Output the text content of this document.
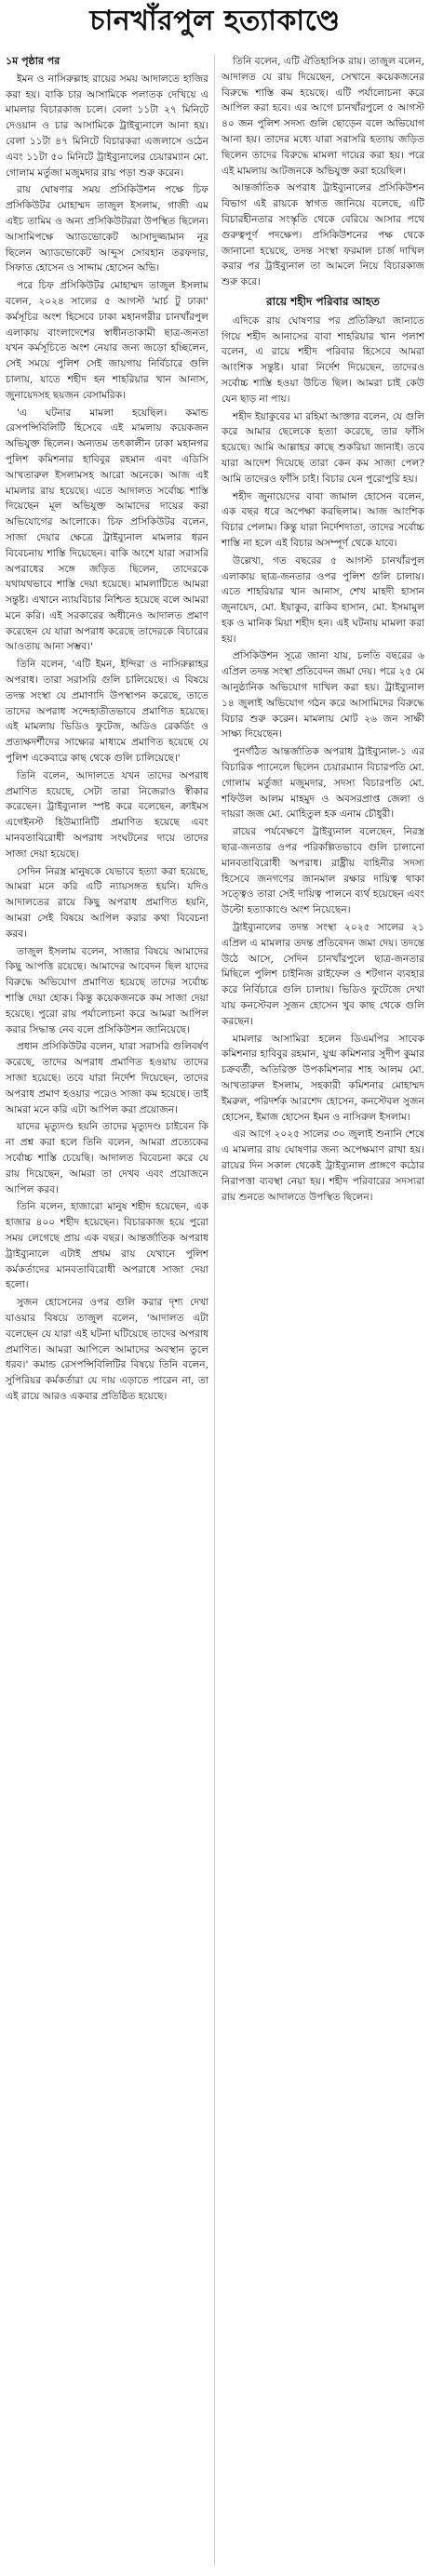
চানখাঁরপুল হত্যাকাণ্ডে
১ম পৃষ্ঠার পর

ইমন ও নাসিরুল্লাহ রায়ের সময় আদালতে হাজির করা হয়। বাকি চার আসামিকে পলাতক দেখিয়ে এ মামলার বিচারকাজ চলে। বেলা ১১টা ২৭ মিনিটে দেওয়ান ও চার আসামিকে ট্রাইব্যুনালে আনা হয়। বেলা ১১টা ৪৭ মিনিটে বিচারকরা এজলাসে ওঠেন এবং ১১টা ৫০ মিনিটে ট্রাইব্যুনালের চেয়ারম্যান মো. গোলাম মর্তুজা মজুমদার রায় পড়া শুরু করেন।

রায় ঘোষণার সময় প্রসিকিউশন পক্ষে চিফ প্রসিকিউটর মোহাম্মদ তাজুল ইসলাম, গাজী এম এইচ তামিম ও অন্য প্রসিকিউটররা উপস্থিত ছিলেন। আসামিপক্ষে অ্যাডভোকেট আসাদুজ্জামান নূর ছিলেন অ্যাডভোকেট আব্দুস সোবহান তরফদার, সিফাত হোসেন ও সাদ্দাম হোসেন অভি।

পরে চিফ প্রসিকিউটর মোহাম্মদ তাজুল ইসলাম বলেন, ২০২৪ সালের ৫ আগস্ট 'মার্চ টু ঢাকা' কর্মসূচির অংশ হিসেবে ঢাকা মহানগরীর চানখাঁরপুল এলাকায় বাংলাদেশের স্বাধীনতাকামী ছাত্র-জনতা যখন কর্মসূচিতে অংশ নেয়ার জন্য জড়ো হচ্ছিলেন, সেই সময়ে পুলিশ সেই জায়গায় নির্বিচারে গুলি চালায়, যাতে শহীদ হন শাহরিয়ার খান আনাস, জুনায়েদসহ ছয়জন বেসামরিক।

'এ ঘটনার মামলা হয়েছিল। কমান্ড রেসপন্সিবিলিটি হিসেবে এই মামলায় কয়েকজন অভিযুক্ত ছিলেন। অন্যতম তৎকালীন ঢাকা মহানগর পুলিশ কমিশনার হাবিবুর রহমান এবং এডিসি আখতারুল ইসলামসহ আরো অনেকে। আজ এই মামলার রায় হয়েছে। এতে আদালত সর্বোচ্চ শাস্তি দিয়েছেন মূল অভিযুক্ত আমাদের দায়ের করা অভিযোগের আলোকে। চিফ প্রসিকিউটর বলেন, সাজা দেয়ার ক্ষেত্রে ট্রাইব্যুনাল মামলার ধরন বিবেচনায় শাস্তি দিয়েছেন। বাকি অংশে যারা সরাসরি অপরাধের সঙ্গে জড়িত ছিলেন, তাদেরকে যথাযথভাবে শাস্তি দেয়া হয়েছে। মামলাটিতে আমরা সন্তুষ্ট। এখানে ন্যায়বিচার নিশ্চিত হয়েছে বলে আমরা মনে করি। এই সরকারের অধীনেও আদালত প্রমাণ করেছেন যে যারা অপরাধ করেছে তাদেরকে বিচারের আওতায় আনা সম্ভব।'

তিনি বলেন, 'এটি ইমন, ইন্দিরা ও নাসিরুল্লাহর অপরাধ। তারা সরাসরি গুলি চালিয়েছে। এ বিষয়ে তদন্ত সংস্থা যে প্রমাণাদি উপস্থাপন করেছে, তাতে তাদের অপরাধ সন্দেহাতীতভাবে প্রমাণিত হয়েছে। এই মামলায় ভিডিও ফুটেজ, অডিও রেকর্ডিং ও প্রত্যক্ষদর্শীদের সাক্ষ্যের মাধ্যমে প্রমাণিত হয়েছে যে পুলিশ একেবারে কাছ থেকে গুলি চালিয়েছে।'

তিনি বলেন, আদালতে যখন তাদের অপরাধ প্রমাণিত হয়েছে, সেটা তারা নিজেরাও স্বীকার করেছেন। ট্রাইব্যুনাল স্পষ্ট করে বলেছেন, ক্রাইমস এগেইনস্ট হিউম্যানিটি প্রমাণিত হয়েছে এবং মানবতাবিরোধী অপরাধ সংঘটনের দায়ে তাদের সাজা দেয়া হয়েছে।

সেদিন নিরস্ত্র মানুষকে যেভাবে হত্যা করা হয়েছে, আমরা মনে করি এটি ন্যায়সঙ্গত হয়নি। যদিও আদালতের রায়ে কিছু অপরাধ প্রমাণিত হয়নি, আমরা সেই বিষয়ে আপিল করার কথা বিবেচনা করব।

তাজুল ইসলাম বলেন, সাজার বিষয়ে আমাদের কিছু আপত্তি রয়েছে। আমাদের আবেদন ছিল যাদের বিরুদ্ধে অভিযোগ প্রমাণিত হয়েছে তাদের সর্বোচ্চ শাস্তি দেয়া হোক। কিন্তু কয়েকজনকে কম সাজা দেয়া হয়েছে। পুরো রায় পর্যালোচনা করে আমরা আপিল করার সিদ্ধান্ত নেব বলে প্রসিকিউশন জানিয়েছে।

প্রধান প্রসিকিউটর বলেন, যারা সরাসরি গুলিবর্ষণ করেছে, তাদের অপরাধ প্রমাণিত হওয়ায় তাদের সাজা হয়েছে। তবে যারা নির্দেশ দিয়েছেন, তাদের অপরাধ প্রমাণ হওয়ার পরেও সাজা কম হয়েছে। তাই আমরা মনে করি এটা আপিল করা প্রয়োজন।

যাদের মৃত্যুদণ্ড হয়নি তাদের মৃত্যুদণ্ড চাইবেন কি না প্রশ্ন করা হলে তিনি বলেন, আমরা প্রত্যেকের সর্বোচ্চ শাস্তি চেয়েছি। আদালত বিবেচনা করে যে রায় দিয়েছেন, আমরা তা দেখব এবং প্রয়োজনে আপিল করব।

তিনি বলেন, হাজারো মানুষ শহীদ হয়েছেন, এক হাজার ৪০০ শহীদ হয়েছেন। বিচারকাজ হয়ে পুরো সময় লেগেছে প্রায় এক বছর। আন্তর্জাতিক অপরাধ ট্রাইব্যুনালে এটাই প্রথম রায় যেখানে পুলিশ কর্মকর্তাদের মানবতাবিরোধী অপরাধে সাজা দেয়া হলো।

সুজন হোসেনের ওপর গুলি করার দৃশ্য দেখা যাওয়ার বিষয়ে তাজুল বলেন, 'আদালত এটা বলেছেন যে যারা এই ঘটনা ঘটিয়েছে তাদের অপরাধ প্রমাণিত। আমরা আপিলে আমাদের অবস্থান তুলে ধরব।' কমান্ড রেসপন্সিবিলিটির বিষয়ে তিনি বলেন, সুপিরিয়র কর্মকর্তারা যে দায় এড়াতে পারেন না, তা এই রায়ে আরও একবার প্রতিষ্ঠিত হয়েছে।

তিনি বলেন, এটি ঐতিহাসিক রায়। তাজুল বলেন, আদালত যে রায় দিয়েছেন, সেখানে কয়েকজনের বিরুদ্ধে শাস্তি কম হয়েছে। এটি পর্যালোচনা করে আপিল করা হবে। এর আগে চানখাঁরপুলে ৫ আগস্ট ৪০ জন পুলিশ সদস্য গুলি ছোড়েন বলে অভিযোগ আনা হয়। তাদের মধ্যে যারা সরাসরি হত্যায় জড়িত ছিলেন তাদের বিরুদ্ধে মামলা দায়ের করা হয়। পরে এই মামলায় আটজনকে অভিযুক্ত করা হয়েছিল।

আন্তর্জাতিক অপরাধ ট্রাইব্যুনালের প্রসিকিউশন বিভাগ এই রায়কে স্বাগত জানিয়ে বলেছে, এটি বিচারহীনতার সংস্কৃতি থেকে বেরিয়ে আসার পথে গুরুত্বপূর্ণ পদক্ষেপ। প্রসিকিউশনের পক্ষ থেকে জানানো হয়েছে, তদন্ত সংস্থা ফরমাল চার্জ দাখিল করার পর ট্রাইব্যুনাল তা আমলে নিয়ে বিচারকাজ শুরু করে।

রায়ে শহীদ পরিবার আহত

এদিকে রায় ঘোষণার পর প্রতিক্রিয়া জানাতে গিয়ে শহীদ আনাসের বাবা শাহরিয়ার খান পলাশ বলেন, এ রায়ে শহীদ পরিবার হিসেবে আমরা আংশিক সন্তুষ্ট। যারা নির্দেশ দিয়েছেন, তাদেরও সর্বোচ্চ শাস্তি হওয়া উচিত ছিল। আমরা চাই কেউ যেন ছাড় না পায়।

শহীদ ইয়াকুবের মা রহিমা আক্তার বলেন, যে গুলি করে আমার ছেলেকে হত্যা করেছে, তার ফাঁসি হয়েছে। আমি আল্লাহর কাছে শুকরিয়া জানাই। তবে যারা আদেশ দিয়েছে তারা কেন কম সাজা পেল? আমি তাদেরও ফাঁসি চাই। বিচার যেন পুরোপুরি হয়।

শহীদ জুনায়েদের বাবা জামাল হোসেন বলেন, এক বছর ধরে অপেক্ষা করছিলাম। আজ আংশিক বিচার পেলাম। কিন্তু যারা নির্দেশদাতা, তাদের সর্বোচ্চ শাস্তি না হলে এই বিচার অসম্পূর্ণ থেকে যাবে।

উল্লেখ্য, গত বছরের ৫ আগস্ট চানখাঁরপুল এলাকায় ছাত্র-জনতার ওপর পুলিশ গুলি চালায়। এতে শাহরিয়ার খান আনাস, শেখ মাহদী হাসান জুনায়েদ, মো. ইয়াকুব, রাকিব হাসান, মো. ইসমামুল হক ও মানিক মিয়া শহীদ হন। এই ঘটনায় মামলা করা হয়।

প্রসিকিউশন সূত্রে জানা যায়, চলতি বছরের ৬ এপ্রিল তদন্ত সংস্থা প্রতিবেদন জমা দেয়। পরে ২৫ মে আনুষ্ঠানিক অভিযোগ দাখিল করা হয়। ট্রাইব্যুনাল ১৪ জুলাই অভিযোগ গঠন করে আসামিদের বিরুদ্ধে বিচার শুরু করেন। মামলায় মোট ২৬ জন সাক্ষী সাক্ষ্য দিয়েছেন।

পুনর্গঠিত আন্তর্জাতিক অপরাধ ট্রাইব্যুনাল-১ এর বিচারিক প্যানেলে ছিলেন চেয়ারম্যান বিচারপতি মো. গোলাম মর্তুজা মজুমদার, সদস্য বিচারপতি মো. শফিউল আলম মাহমুদ ও অবসরপ্রাপ্ত জেলা ও দায়রা জজ মো. মোহিতুল হক এনাম চৌধুরী।

রায়ের পর্যবেক্ষণে ট্রাইব্যুনাল বলেছেন, নিরস্ত্র ছাত্র-জনতার ওপর পরিকল্পিতভাবে গুলি চালানো মানবতাবিরোধী অপরাধ। রাষ্ট্রীয় বাহিনীর সদস্য হিসেবে জনগণের জানমাল রক্ষার দায়িত্ব থাকা সত্ত্বেও তারা সেই দায়িত্ব পালনে ব্যর্থ হয়েছেন এবং উল্টো হত্যাকাণ্ডে অংশ নিয়েছেন।

ট্রাইব্যুনালের তদন্ত সংস্থা ২০২৫ সালের ২১ এপ্রিল এ মামলার তদন্ত প্রতিবেদন জমা দেয়। তদন্তে উঠে আসে, সেদিন চানখাঁরপুলে ছাত্র-জনতার মিছিলে পুলিশ চাইনিজ রাইফেল ও শটগান ব্যবহার করে নির্বিচারে গুলি চালায়। ভিডিও ফুটেজে দেখা যায় কনস্টেবল সুজন হোসেন খুব কাছ থেকে গুলি করছেন।

মামলার আসামিরা হলেন ডিএমপির সাবেক কমিশনার হাবিবুর রহমান, যুগ্ম কমিশনার সুদীপ কুমার চক্রবর্তী, অতিরিক্ত উপকমিশনার শাহ আলম মো. আখতারুল ইসলাম, সহকারী কমিশনার মোহাম্মদ ইমরুল, পরিদর্শক আরশেদ হোসেন, কনস্টেবল সুজন হোসেন, ইমাজ হোসেন ইমন ও নাসিরুল ইসলাম।

এর আগে ২০২৫ সালের ৩০ জুলাই শুনানি শেষে এ মামলার রায় ঘোষণার জন্য অপেক্ষমাণ রাখা হয়। রায়ের দিন সকাল থেকেই ট্রাইব্যুনাল প্রাঙ্গণে কঠোর নিরাপত্তা ব্যবস্থা নেয়া হয়। শহীদ পরিবারের সদস্যরা রায় শুনতে আদালতে উপস্থিত ছিলেন।
